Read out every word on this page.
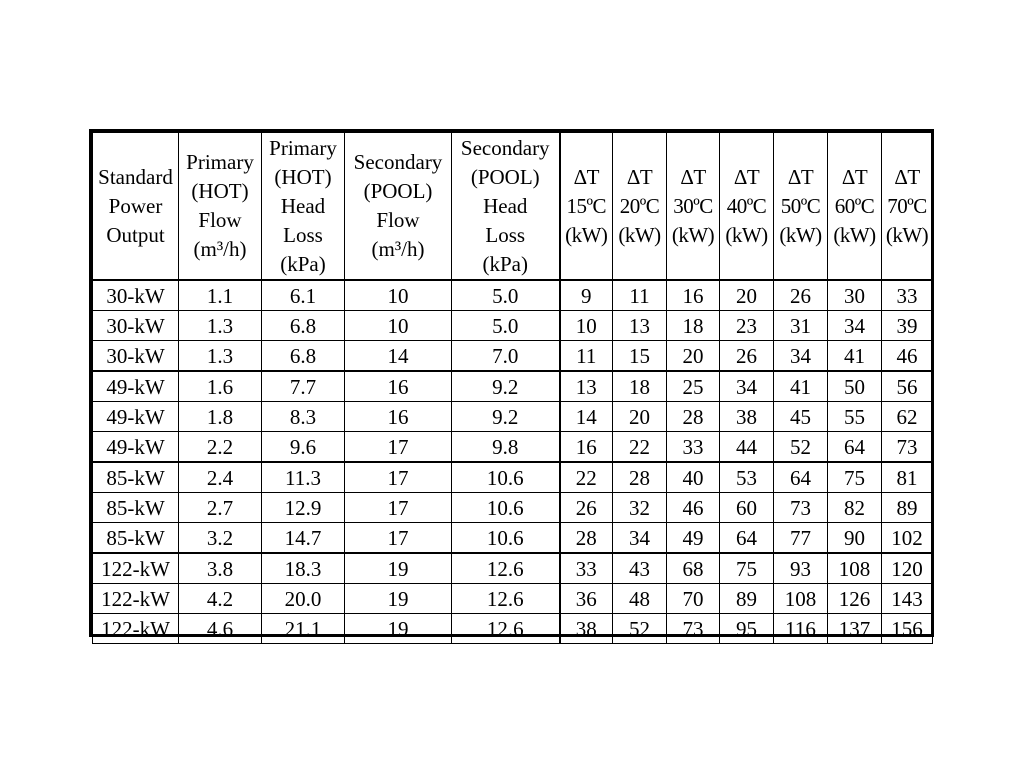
Standard
Power
Output	Primary
(HOT)
Flow
(m³/h)	Primary
(HOT)
Head
Loss
(kPa)	Secondary
(POOL)
Flow
(m³/h)	Secondary
(POOL)
Head
Loss
(kPa)	ΔT
15ºC
(kW)	ΔT
20ºC
(kW)	ΔT
30ºC
(kW)	ΔT
40ºC
(kW)	ΔT
50ºC
(kW)	ΔT
60ºC
(kW)	ΔT
70ºC
(kW)

30-kW	1.1	6.1	10	5.0	9	11	16	20	26	30	33
30-kW	1.3	6.8	10	5.0	10	13	18	23	31	34	39
30-kW	1.3	6.8	14	7.0	11	15	20	26	34	41	46
49-kW	1.6	7.7	16	9.2	13	18	25	34	41	50	56
49-kW	1.8	8.3	16	9.2	14	20	28	38	45	55	62
49-kW	2.2	9.6	17	9.8	16	22	33	44	52	64	73
85-kW	2.4	11.3	17	10.6	22	28	40	53	64	75	81
85-kW	2.7	12.9	17	10.6	26	32	46	60	73	82	89
85-kW	3.2	14.7	17	10.6	28	34	49	64	77	90	102
122-kW	3.8	18.3	19	12.6	33	43	68	75	93	108	120
122-kW	4.2	20.0	19	12.6	36	48	70	89	108	126	143
122-kW	4.6	21.1	19	12.6	38	52	73	95	116	137	156
